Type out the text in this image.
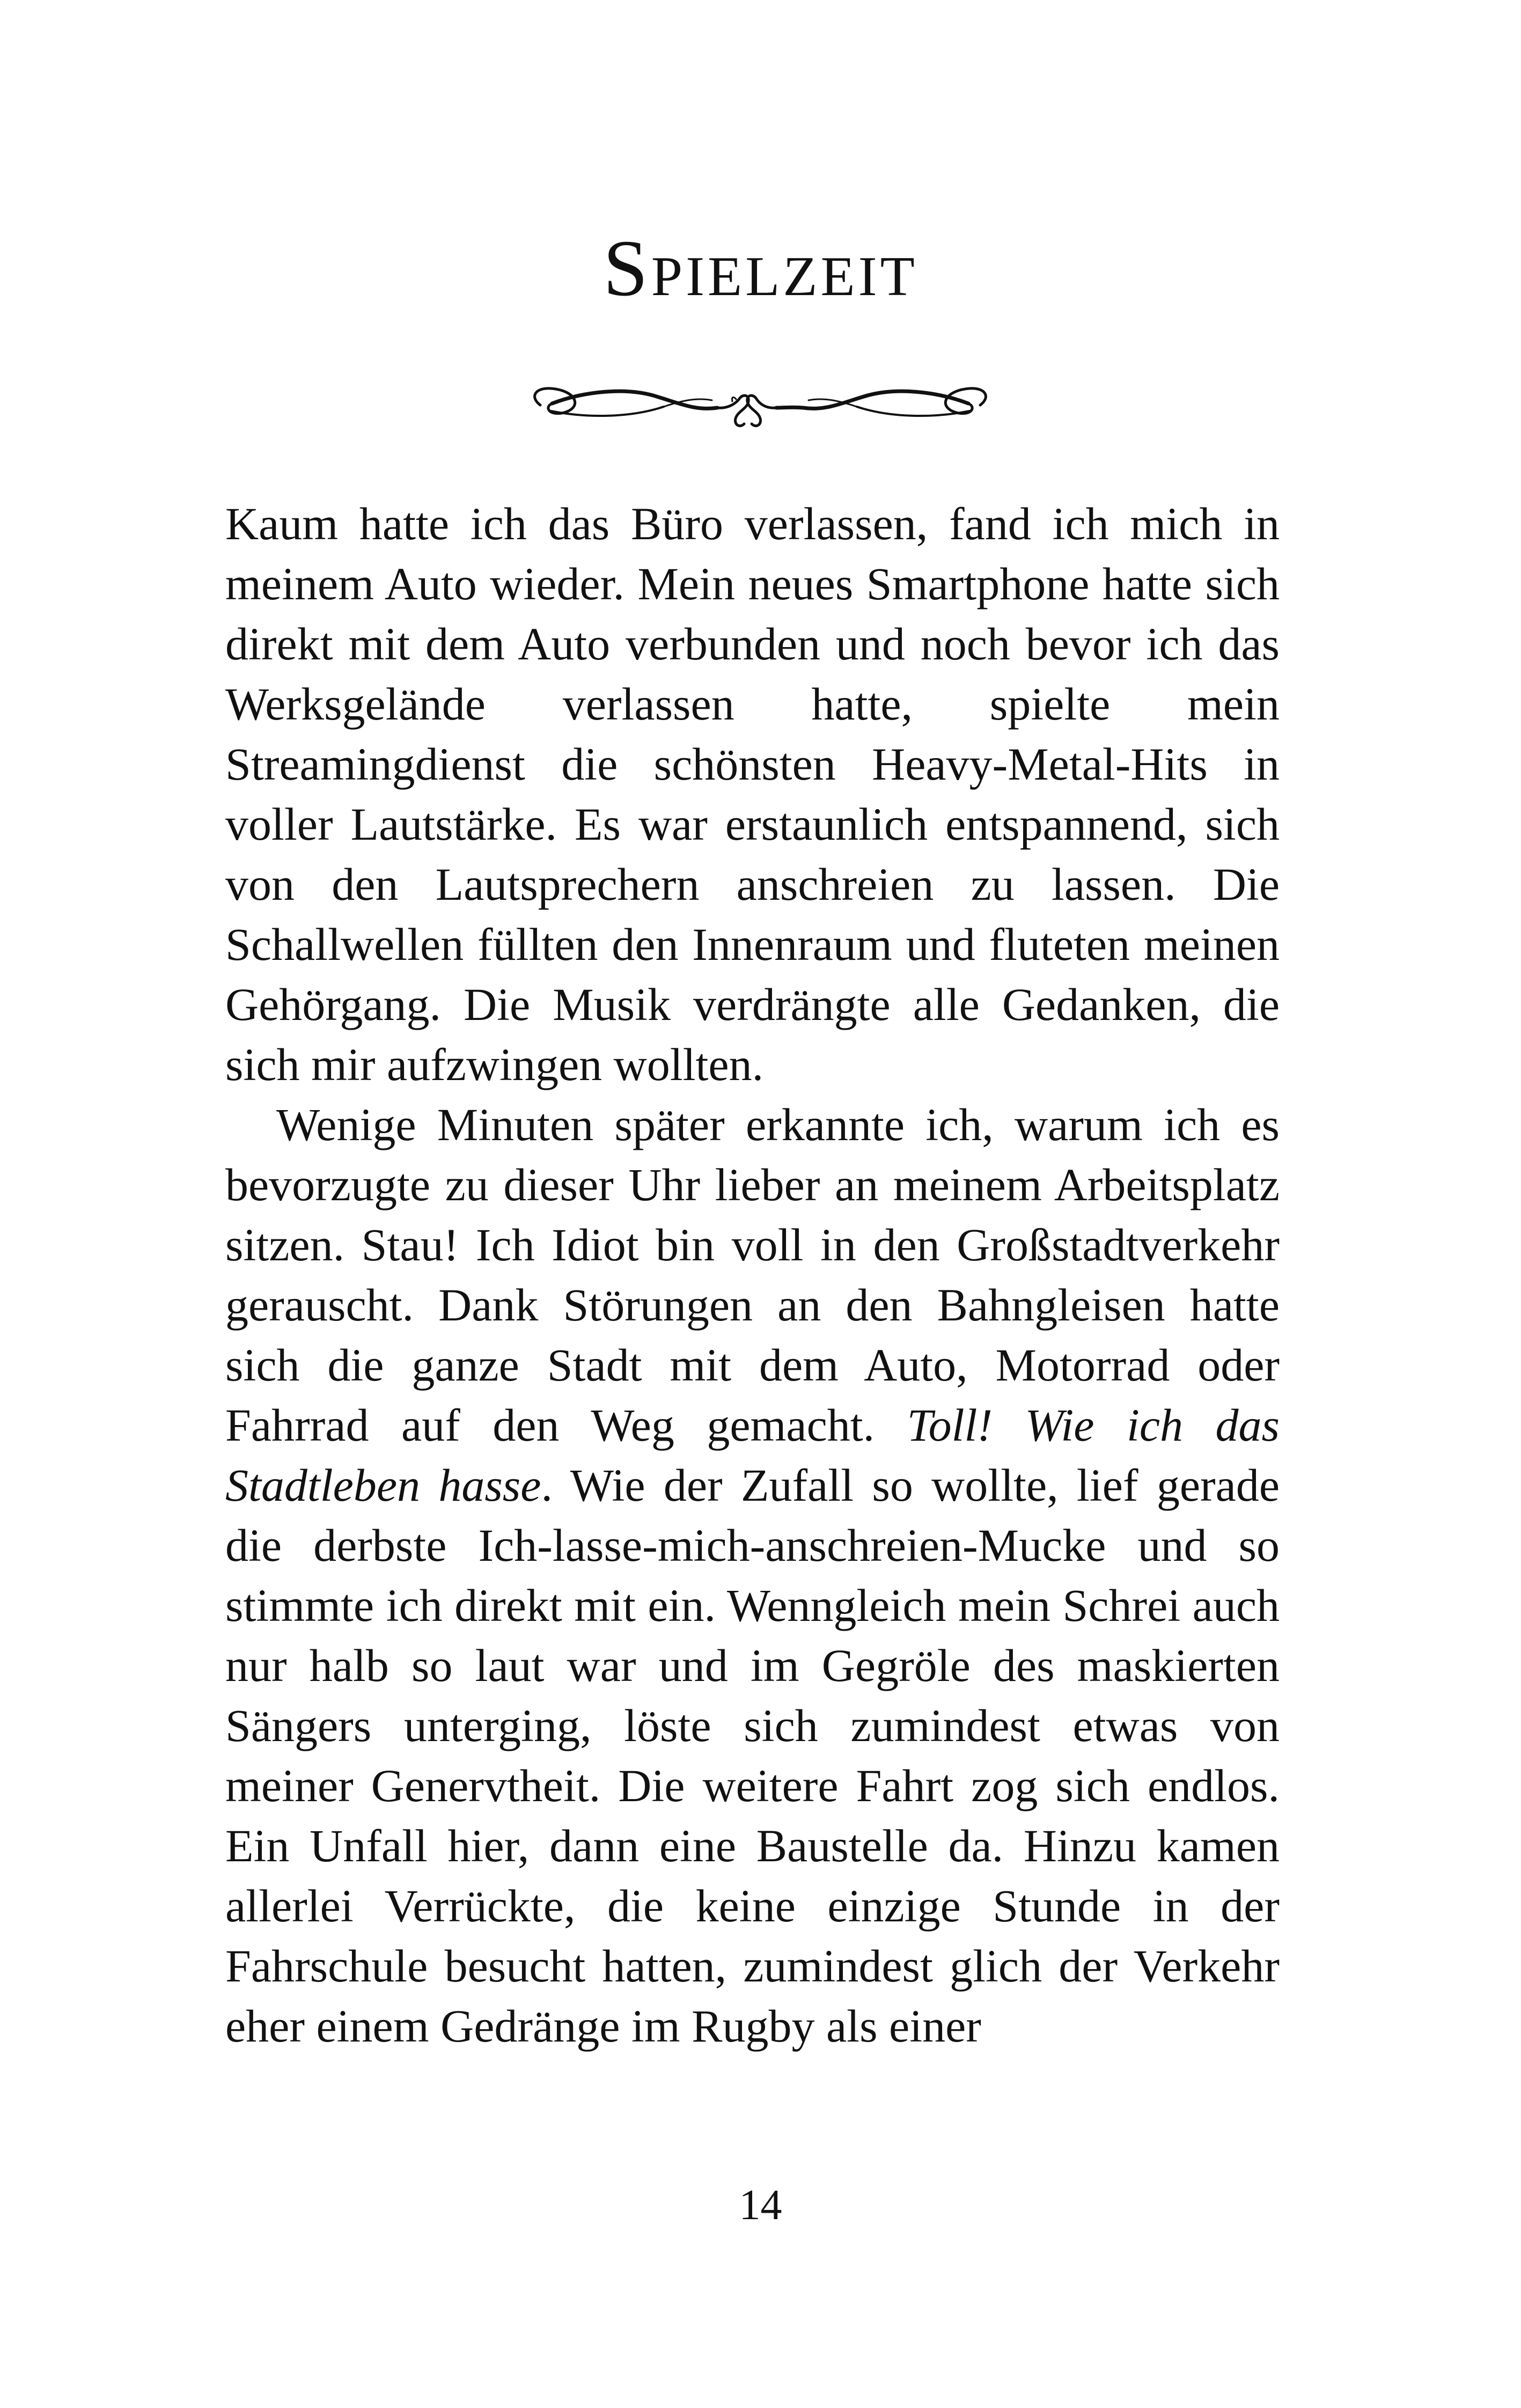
Spielzeit

Kaum hatte ich das Büro verlassen, fand ich mich in meinem Auto wieder. Mein neues Smartphone hatte sich direkt mit dem Auto verbunden und noch bevor ich das Werksgelände verlassen hatte, spielte mein Streamingdienst die schönsten Heavy-Metal-Hits in voller Lautstärke. Es war erstaunlich entspannend, sich von den Lautsprechern anschreien zu lassen. Die Schallwellen füllten den Innenraum und fluteten meinen Gehörgang. Die Musik verdrängte alle Gedanken, die sich mir aufzwingen wollten.

Wenige Minuten später erkannte ich, warum ich es bevorzugte zu dieser Uhr lieber an meinem Arbeitsplatz sitzen. Stau! Ich Idiot bin voll in den Großstadtverkehr gerauscht. Dank Störungen an den Bahngleisen hatte sich die ganze Stadt mit dem Auto, Motorrad oder Fahrrad auf den Weg gemacht. Toll! Wie ich das Stadtleben hasse. Wie der Zufall so wollte, lief gerade die derbste Ich-lasse-mich-anschreien-Mucke und so stimmte ich direkt mit ein. Wenngleich mein Schrei auch nur halb so laut war und im Gegröle des maskierten Sängers unterging, löste sich zumindest etwas von meiner Genervtheit. Die weitere Fahrt zog sich endlos. Ein Unfall hier, dann eine Baustelle da. Hinzu kamen allerlei Verrückte, die keine einzige Stunde in der Fahrschule besucht hatten, zumindest glich der Verkehr eher einem Gedränge im Rugby als einer

14
